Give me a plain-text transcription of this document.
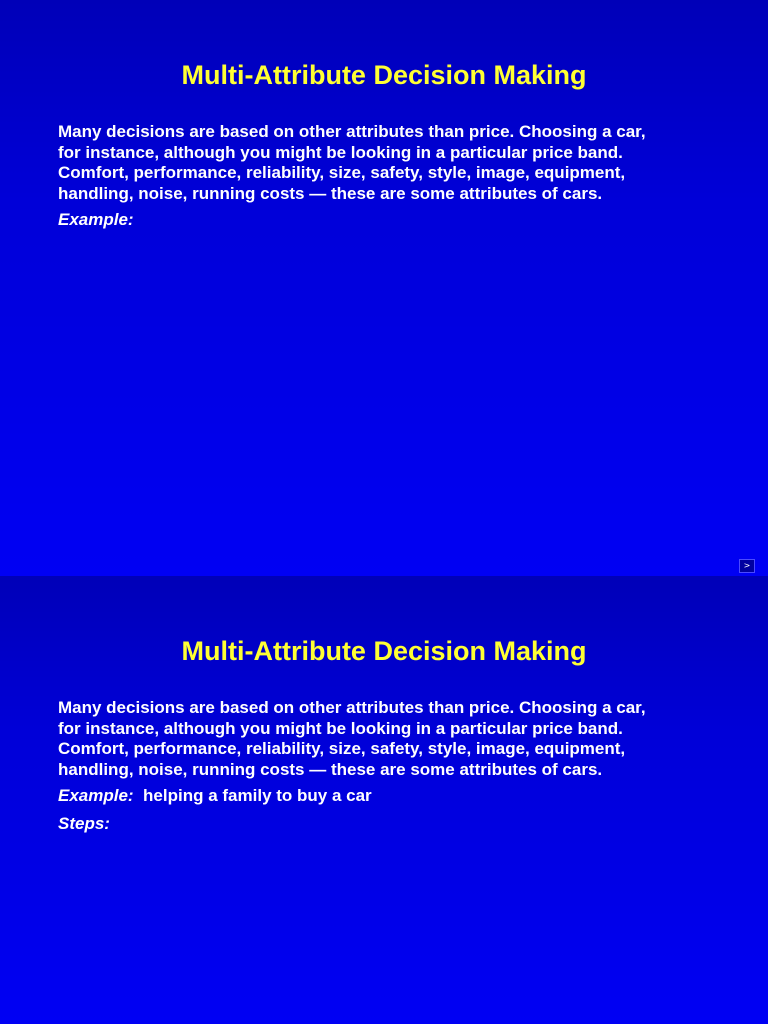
Multi-Attribute Decision Making

Many decisions are based on other attributes than price. Choosing a car,
for instance, although you might be looking in a particular price band.
Comfort, performance, reliability, size, safety, style, image, equipment,
handling, noise, running costs — these are some attributes of cars.

Example:
>
Multi-Attribute Decision Making

Many decisions are based on other attributes than price. Choosing a car,
for instance, although you might be looking in a particular price band.
Comfort, performance, reliability, size, safety, style, image, equipment,
handling, noise, running costs — these are some attributes of cars.

Example: helping a family to buy a car
Steps:
